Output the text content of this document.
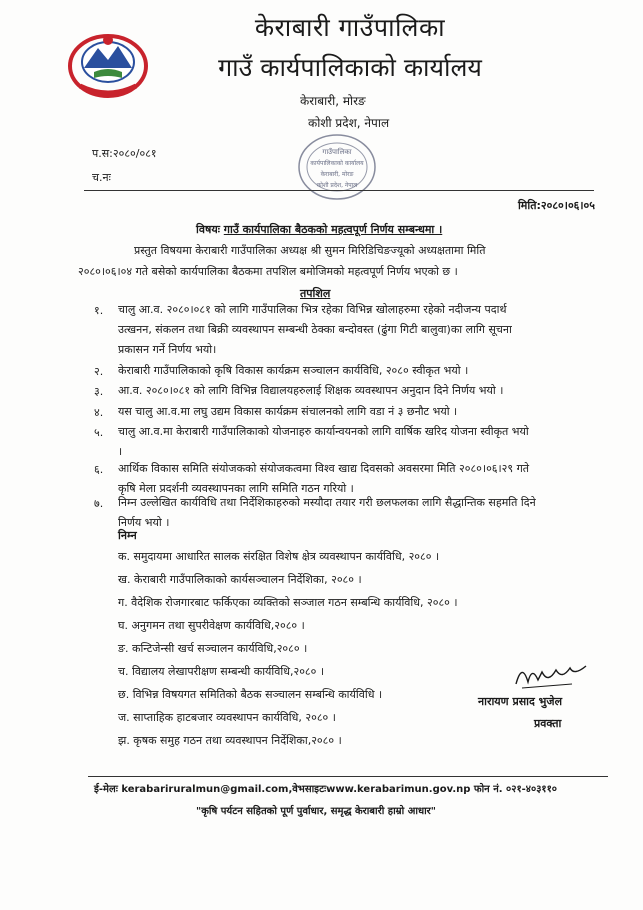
केराबारी गाउँपालिका
गाउँ कार्यपालिकाको कार्यालय
केराबारी, मोरङ
कोशी प्रदेश, नेपाल
गाउँपालिका
कार्यपालिकाको कार्यालय
केराबारी, मोरङ
कोशी प्रदेश, नेपाल
प.स:२०८०/०८१
च.नः
मिति:२०८०।०६।०५
विषयः गाउँ कार्यपालिका बैठकको महत्वपूर्ण निर्णय सम्बन्धमा ।
प्रस्तुत विषयमा केराबारी गाउँपालिका अध्यक्ष श्री सुमन मिरिडिचिङज्यूको अध्यक्षतामा मिति
२०८०।०६।०४ गते बसेको कार्यपालिका बैठकमा तपशिल बमोजिमको महत्वपूर्ण निर्णय भएको छ ।
तपशिल
१. चालु आ.व. २०८०।०८१ को लागि गाउँपालिका भित्र रहेका विभिन्न खोलाहरुमा रहेको नदीजन्य पदार्थ
उत्खनन, संकलन तथा बिक्री व्यवस्थापन सम्बन्धी ठेक्का बन्दोवस्त (ढुंगा गिटी बालुवा)का लागि सूचना
प्रकासन गर्ने निर्णय भयो।
२. केराबारी गाउँपालिकाको कृषि विकास कार्यक्रम सञ्चालन कार्यविधि, २०८० स्वीकृत भयो ।
३. आ.व. २०८०।०८१ को लागि विभिन्न विद्यालयहरुलाई शिक्षक व्यवस्थापन अनुदान दिने निर्णय भयो ।
४. यस चालु आ.व.मा लघु उद्यम विकास कार्यक्रम संचालनको लागि वडा नं ३ छनौट भयो ।
५. चालु आ.व.मा केराबारी गाउँपालिकाको योजनाहरु कार्यान्वयनको लागि वार्षिक खरिद योजना स्वीकृत भयो
।
६. आर्थिक विकास समिति संयोजकको संयोजकत्वमा विश्व खाद्य दिवसको अवसरमा मिति २०८०।०६।२९ गते
कृषि मेला प्रदर्शनी व्यवस्थापनका लागि समिति गठन गरियो ।
७. निम्न उल्लेखित कार्यविधि तथा निर्देशिकाहरुको मस्यौदा तयार गरी छलफलका लागि सैद्धान्तिक सहमति दिने
निर्णय भयो ।
निम्न
क. समुदायमा आधारित सालक संरक्षित विशेष क्षेत्र व्यवस्थापन कार्यविधि, २०८० ।
ख. केराबारी गाउँपालिकाको कार्यसञ्चालन निर्देशिका, २०८० ।
ग. वैदेशिक रोजगारबाट फर्किएका व्यक्तिको सञ्जाल गठन सम्बन्धि कार्यविधि, २०८० ।
घ. अनुगमन तथा सुपरीवेक्षण कार्यविधि,२०८० ।
ङ. कन्टिजेन्सी खर्च सञ्चालन कार्यविधि,२०८० ।
च. विद्यालय लेखापरीक्षण सम्बन्धी कार्यविधि,२०८० ।
छ. विभिन्न विषयगत समितिको बैठक सञ्चालन सम्बन्धि कार्यविधि ।
ज. साप्ताहिक हाटबजार व्यवस्थापन कार्यविधि, २०८० ।
झ. कृषक समुह गठन तथा व्यवस्थापन निर्देशिका,२०८० ।
नारायण प्रसाद भुजेल
प्रवक्ता
ई-मेलः kerabariruralmun@gmail.com,वेभसाइटःwww.kerabarimun.gov.np फोन नं. ०२१-४०३११०
"कृषि पर्यटन सहितको पूर्ण पुर्वाधार, समृद्ध केराबारी हाम्रो आधार"
